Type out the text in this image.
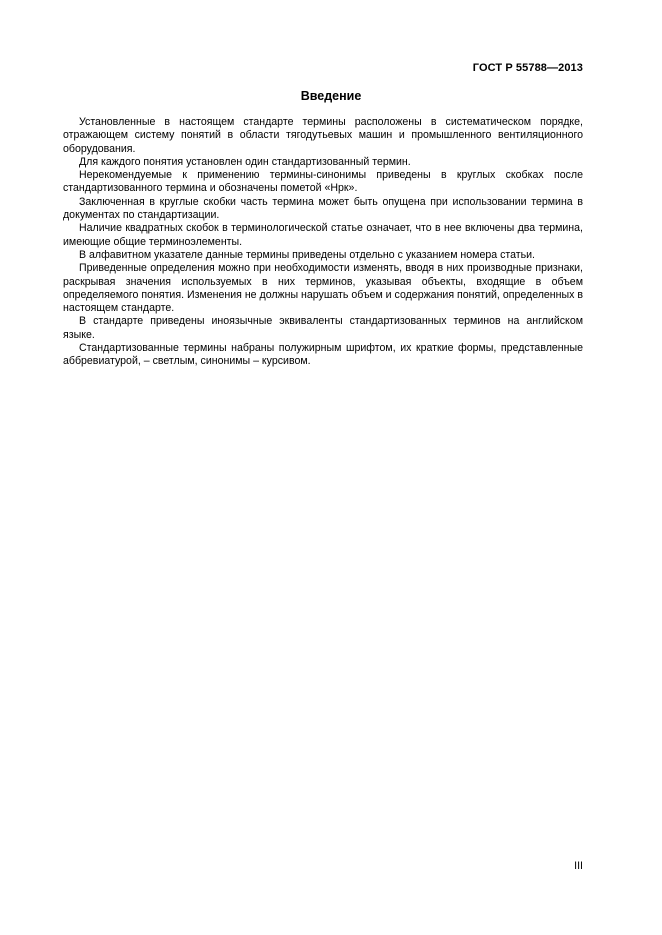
ГОСТ Р 55788—2013
Введение

Установленные в настоящем стандарте термины расположены в систематическом порядке, отражающем систему понятий в области тягодутьевых машин и промышленного вентиляционного оборудования.

Для каждого понятия установлен один стандартизованный термин.

Нерекомендуемые к применению термины-синонимы приведены в круглых скобках после стандартизованного термина и обозначены пометой «Нрк».

Заключенная в круглые скобки часть термина может быть опущена при использовании термина в документах по стандартизации.

Наличие квадратных скобок в терминологической статье означает, что в нее включены два термина, имеющие общие терминоэлементы.

В алфавитном указателе данные термины приведены отдельно с указанием номера статьи.

Приведенные определения можно при необходимости изменять, вводя в них производные признаки, раскрывая значения используемых в них терминов, указывая объекты, входящие в объем определяемого понятия. Изменения не должны нарушать объем и содержания понятий, определенных в настоящем стандарте.

В стандарте приведены иноязычные эквиваленты стандартизованных терминов на английском языке.

Стандартизованные термины набраны полужирным шрифтом, их краткие формы, представленные аббревиатурой, – светлым, синонимы – курсивом.

III
